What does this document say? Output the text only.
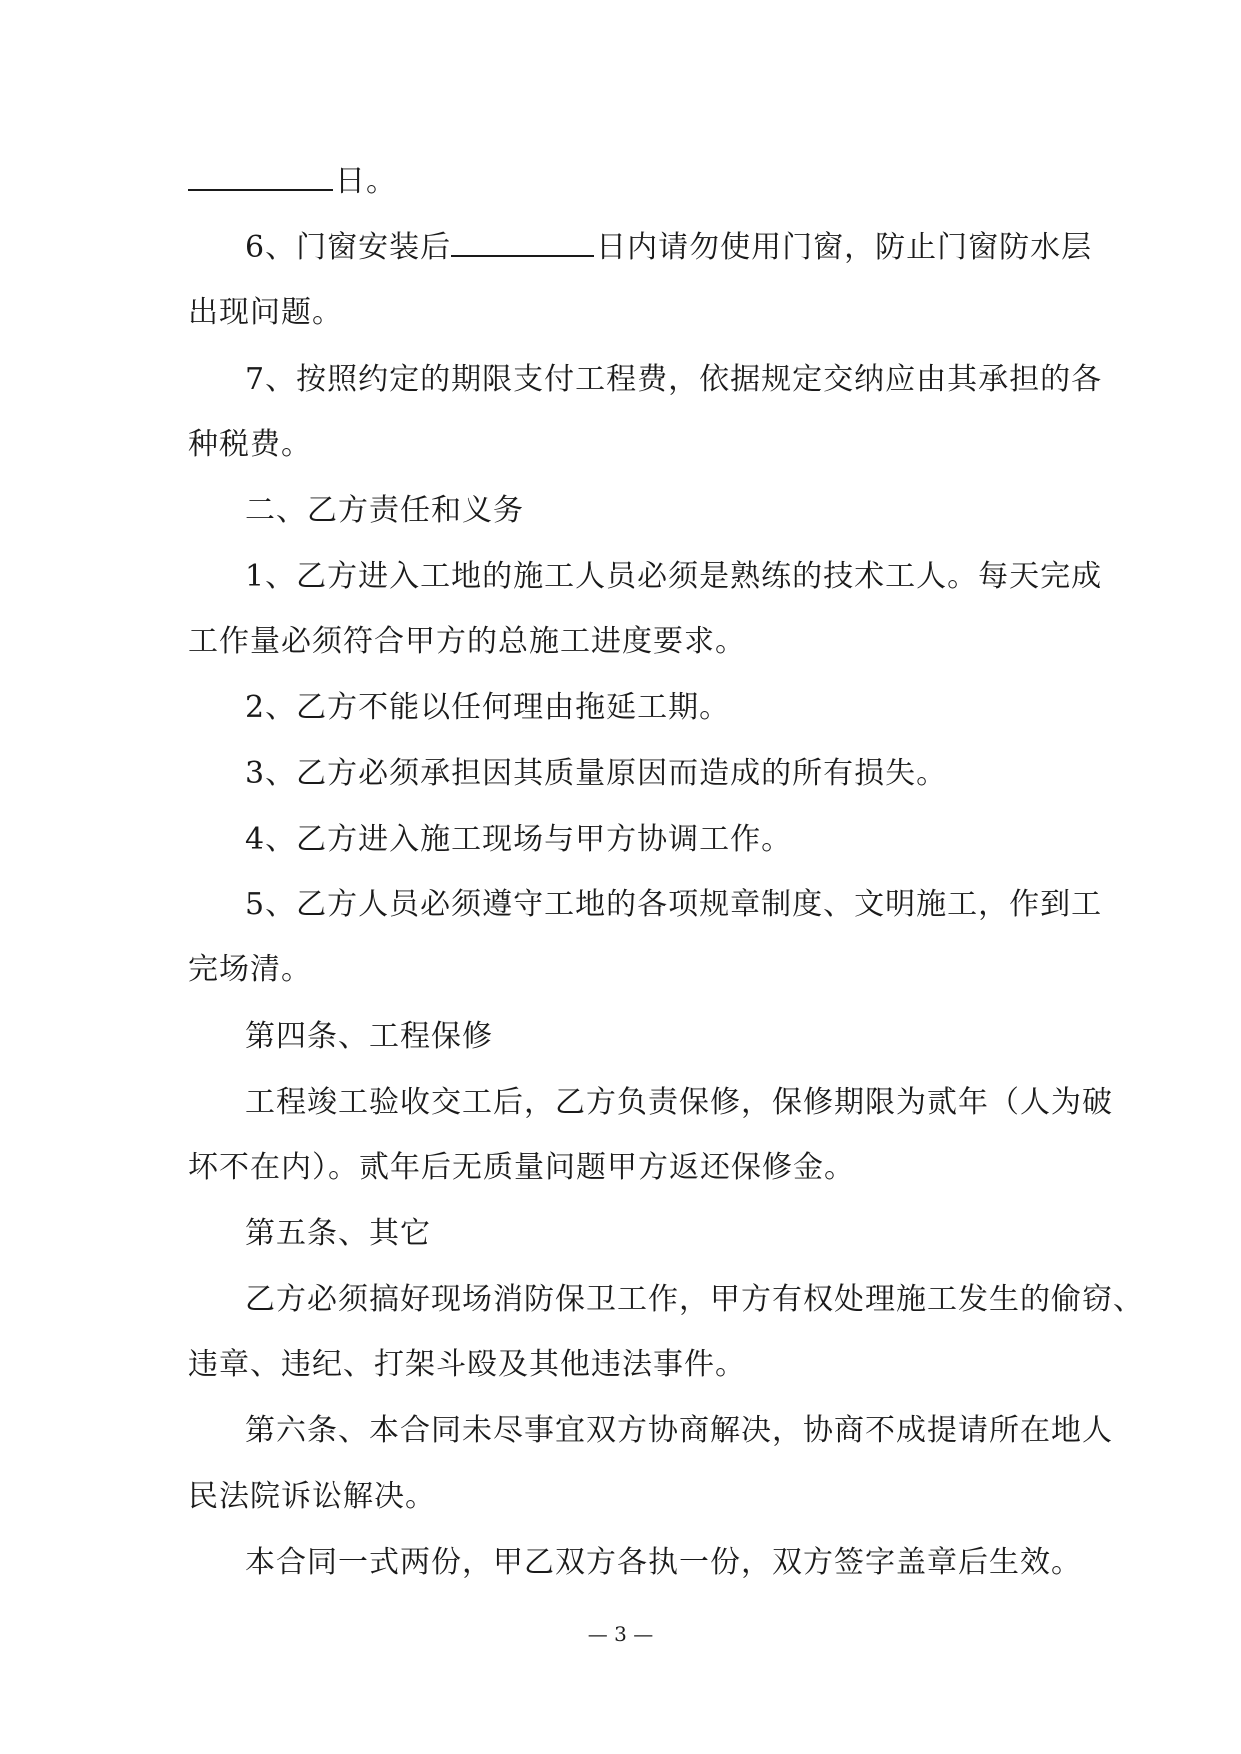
日。
6、门窗安装后	日内请勿使用门窗，防止门窗防水层
出现问题。
7、按照约定的期限支付工程费，依据规定交纳应由其承担的各
种税费。
二、乙方责任和义务
1、乙方进入工地的施工人员必须是熟练的技术工人。每天完成
工作量必须符合甲方的总施工进度要求。
2、乙方不能以任何理由拖延工期。
3、乙方必须承担因其质量原因而造成的所有损失。
4、乙方进入施工现场与甲方协调工作。
5、乙方人员必须遵守工地的各项规章制度、文明施工，作到工
完场清。
第四条、工程保修
工程竣工验收交工后，乙方负责保修，保修期限为贰年（人为破
坏不在内）。贰年后无质量问题甲方返还保修金。
第五条、其它
乙方必须搞好现场消防保卫工作，甲方有权处理施工发生的偷窃、
违章、违纪、打架斗殴及其他违法事件。
第六条、本合同未尽事宜双方协商解决，协商不成提请所在地人
民法院诉讼解决。
本合同一式两份，甲乙双方各执一份，双方签字盖章后生效。
— 3 —
